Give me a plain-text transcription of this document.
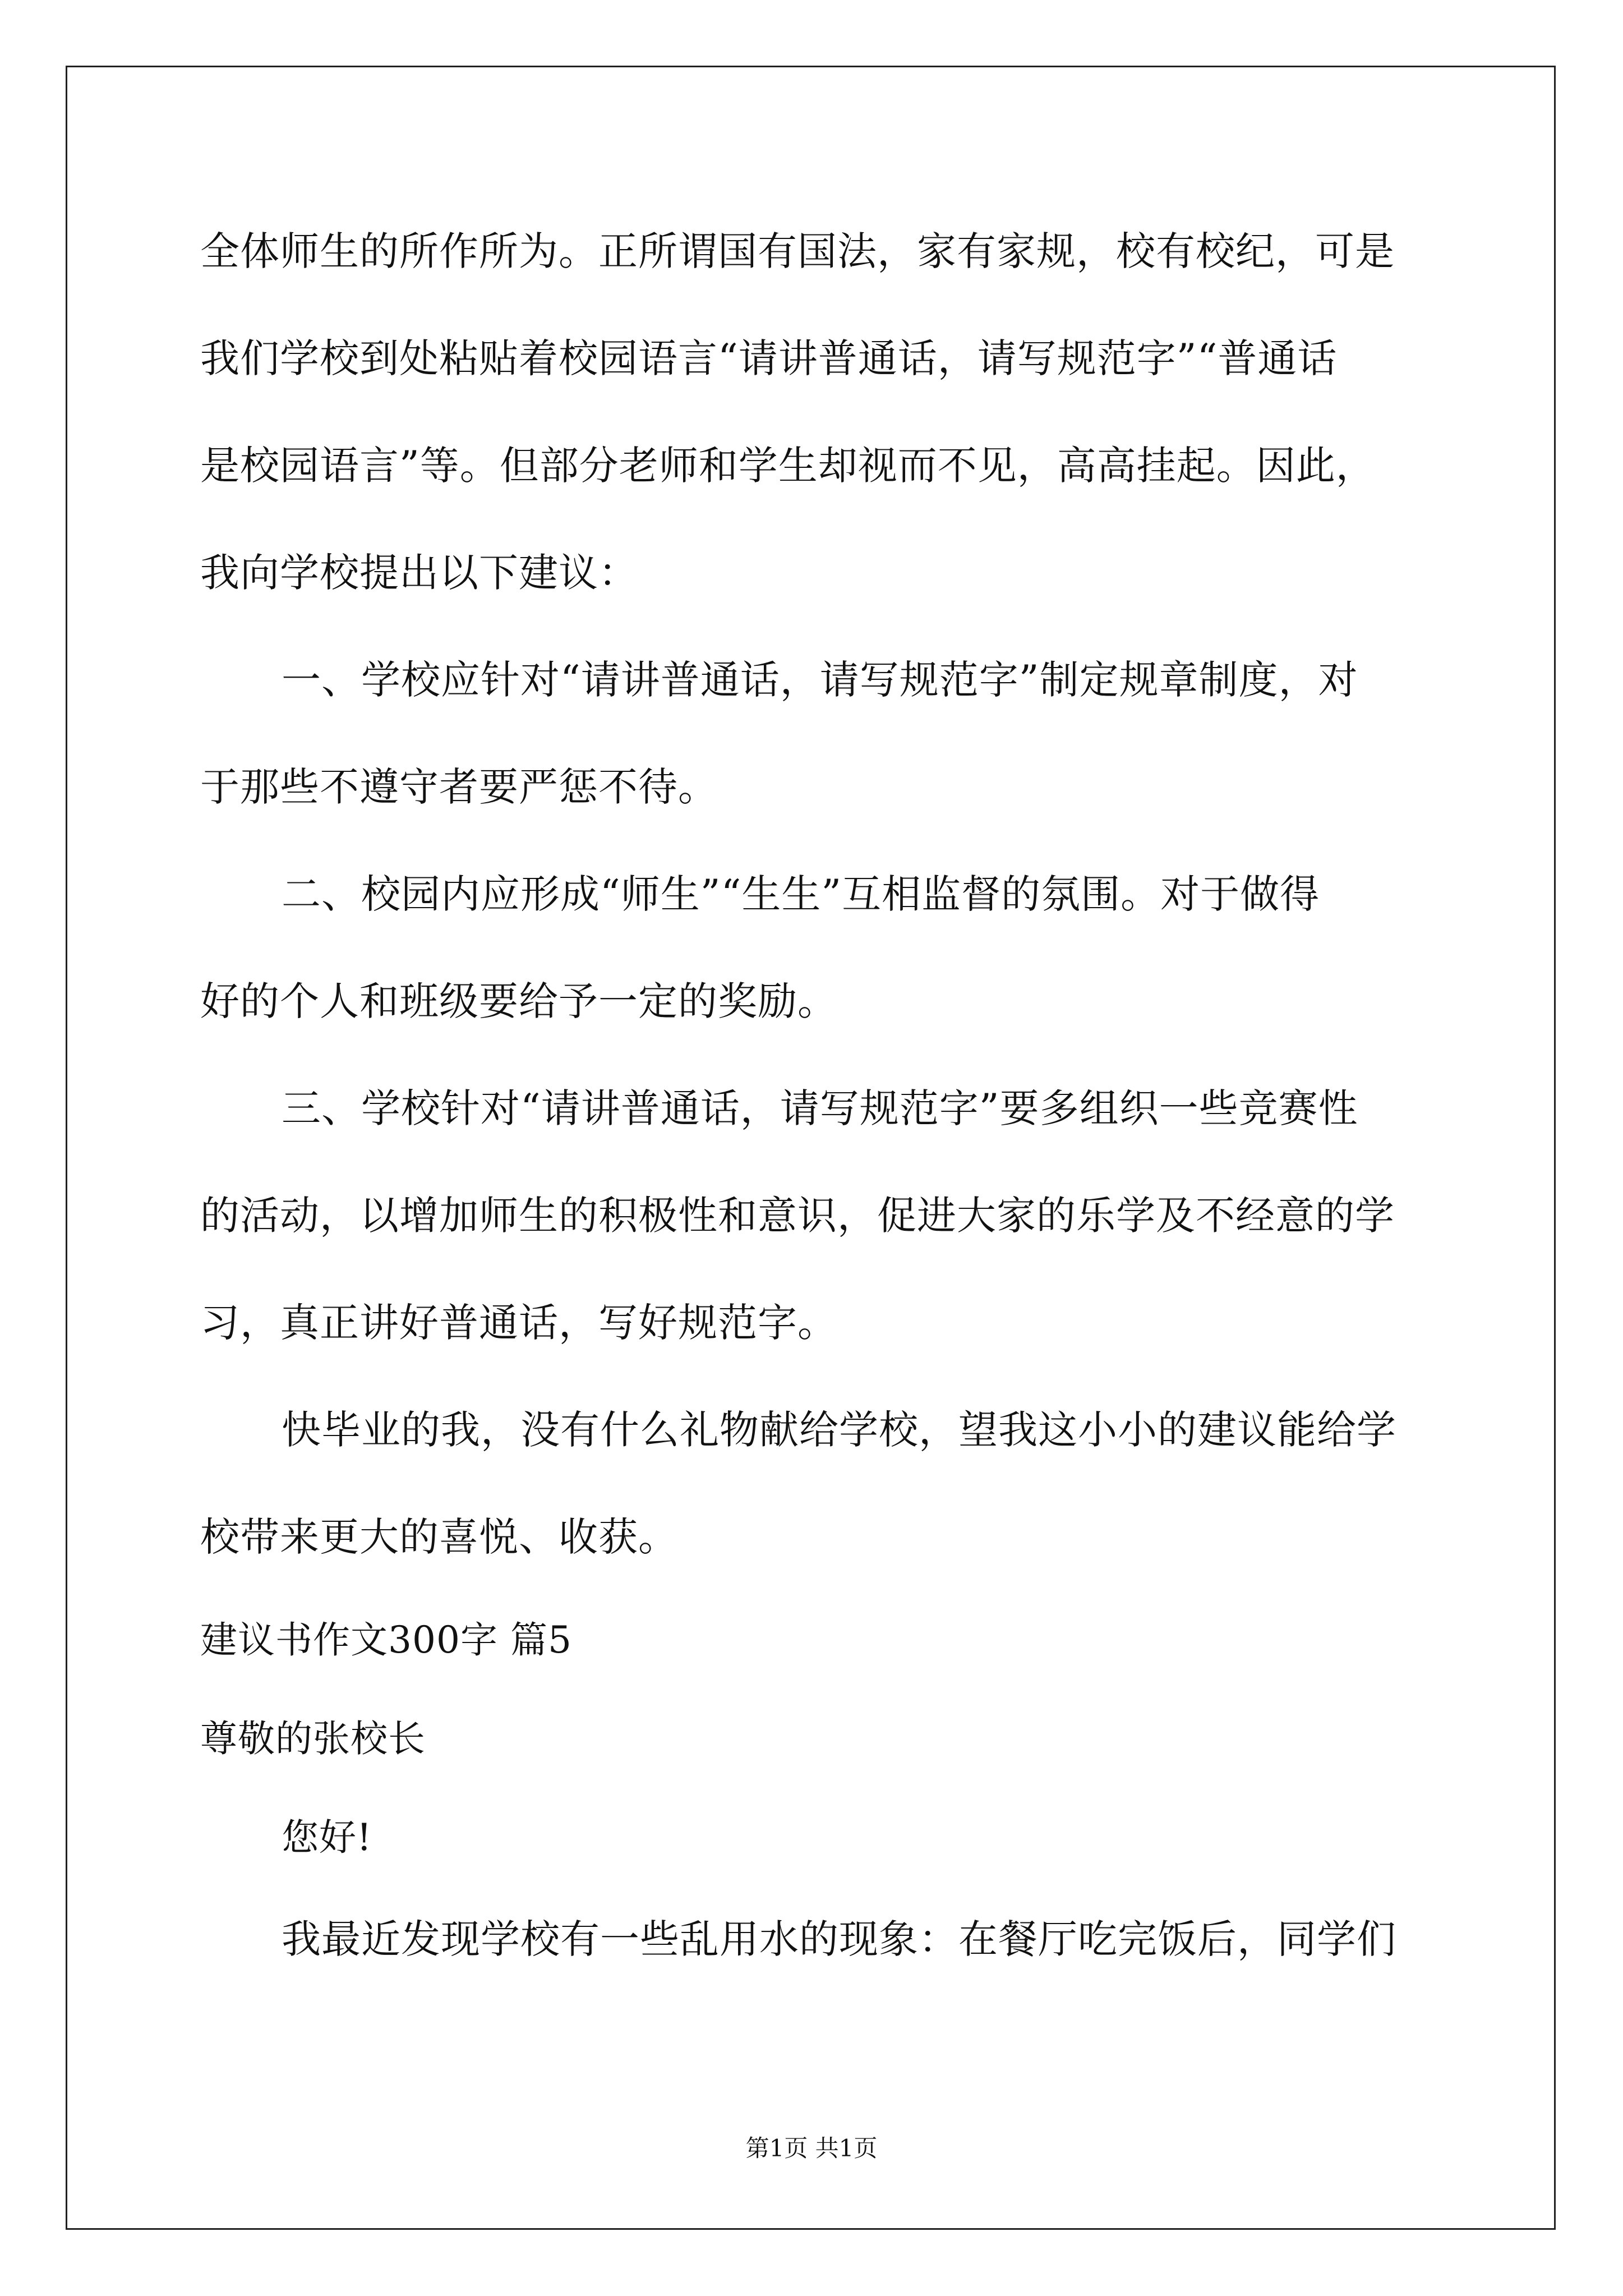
全体师生的所作所为。正所谓国有国法，家有家规，校有校纪，可是
我们学校到处粘贴着校园语言“请讲普通话，请写规范字”“普通话
是校园语言”等。但部分老师和学生却视而不见，高高挂起。因此，
我向学校提出以下建议：
一、学校应针对“请讲普通话，请写规范字”制定规章制度，对
于那些不遵守者要严惩不待。
二、校园内应形成“师生”“生生”互相监督的氛围。对于做得
好的个人和班级要给予一定的奖励。
三、学校针对“请讲普通话，请写规范字”要多组织一些竞赛性
的活动，以增加师生的积极性和意识，促进大家的乐学及不经意的学
习，真正讲好普通话，写好规范字。
快毕业的我，没有什么礼物献给学校，望我这小小的建议能给学
校带来更大的喜悦、收获。
建议书作文300字 篇5
尊敬的张校长
您好!
我最近发现学校有一些乱用水的现象：在餐厅吃完饭后，同学们
第1页 共1页
